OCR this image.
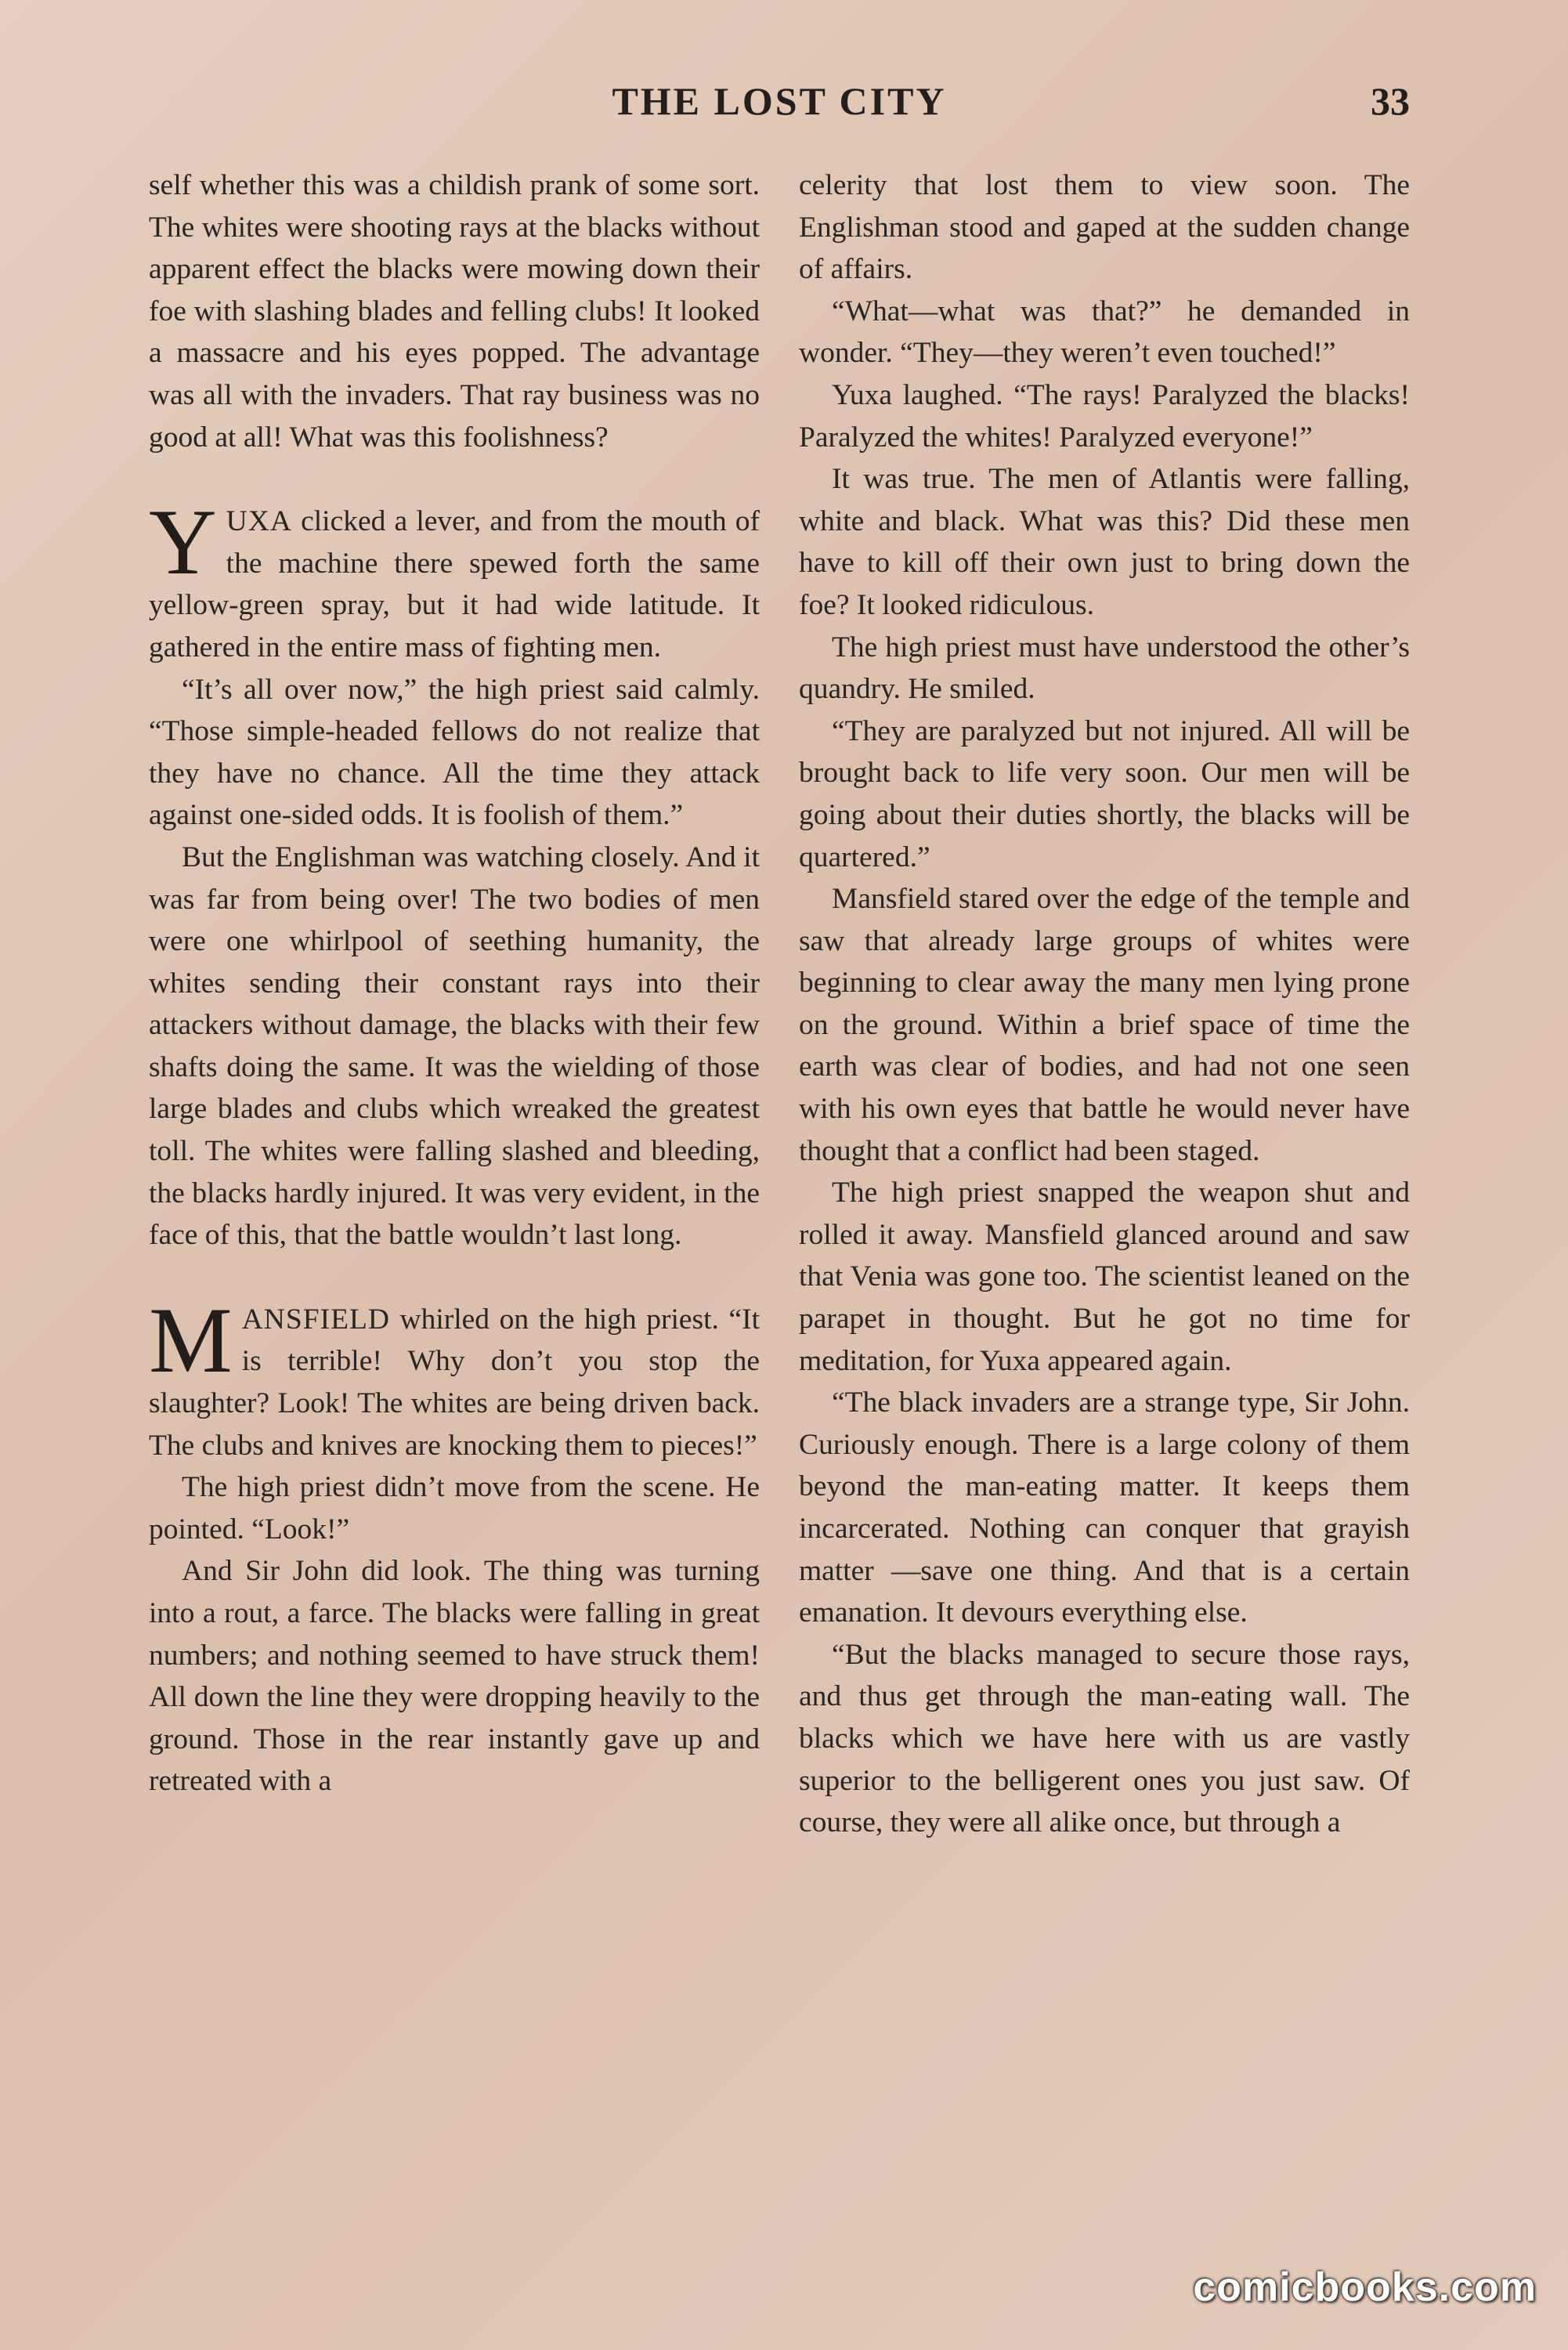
THE LOST CITY	33

self whether this was a childish prank of some sort. The whites were shooting rays at the blacks without apparent effect the blacks were mowing down their foe with slashing blades and felling clubs! It looked a massacre and his eyes popped. The advantage was all with the invaders. That ray business was no good at all! What was this foolishness?

YUXA clicked a lever, and from the mouth of the machine there spewed forth the same yellow-green spray, but it had wide latitude. It gathered in the entire mass of fighting men.

“It’s all over now,” the high priest said calmly. “Those simple-headed fellows do not realize that they have no chance. All the time they attack against one-sided odds. It is foolish of them.”

But the Englishman was watching closely. And it was far from being over! The two bodies of men were one whirlpool of seething humanity, the whites sending their constant rays into their attackers without damage, the blacks with their few shafts doing the same. It was the wielding of those large blades and clubs which wreaked the greatest toll. The whites were falling slashed and bleeding, the blacks hardly injured. It was very evident, in the face of this, that the battle wouldn’t last long.

MANSFIELD whirled on the high priest. “It is terrible! Why don’t you stop the slaughter? Look! The whites are being driven back. The clubs and knives are knocking them to pieces!”

The high priest didn’t move from the scene. He pointed. “Look!”

And Sir John did look. The thing was turning into a rout, a farce. The blacks were falling in great numbers; and nothing seemed to have struck them! All down the line they were dropping heavily to the ground. Those in the rear instantly gave up and retreated with a

celerity that lost them to view soon. The Englishman stood and gaped at the sudden change of affairs.

“What—what was that?” he demanded in wonder. “They—they weren’t even touched!”

Yuxa laughed. “The rays! Paralyzed the blacks! Paralyzed the whites! Paralyzed everyone!”

It was true. The men of Atlantis were falling, white and black. What was this? Did these men have to kill off their own just to bring down the foe? It looked ridiculous.

The high priest must have understood the other’s quandry. He smiled.

“They are paralyzed but not injured. All will be brought back to life very soon. Our men will be going about their duties shortly, the blacks will be quartered.”

Mansfield stared over the edge of the temple and saw that already large groups of whites were beginning to clear away the many men lying prone on the ground. Within a brief space of time the earth was clear of bodies, and had not one seen with his own eyes that battle he would never have thought that a conflict had been staged.

The high priest snapped the weapon shut and rolled it away. Mansfield glanced around and saw that Venia was gone too. The scientist leaned on the parapet in thought. But he got no time for meditation, for Yuxa appeared again.

“The black invaders are a strange type, Sir John. Curiously enough. There is a large colony of them beyond the man-eating matter. It keeps them incarcerated. Nothing can conquer that grayish matter —save one thing. And that is a certain emanation. It devours everything else.

“But the blacks managed to secure those rays, and thus get through the man-eating wall. The blacks which we have here with us are vastly superior to the belligerent ones you just saw. Of course, they were all alike once, but through a

comicbooks.com
